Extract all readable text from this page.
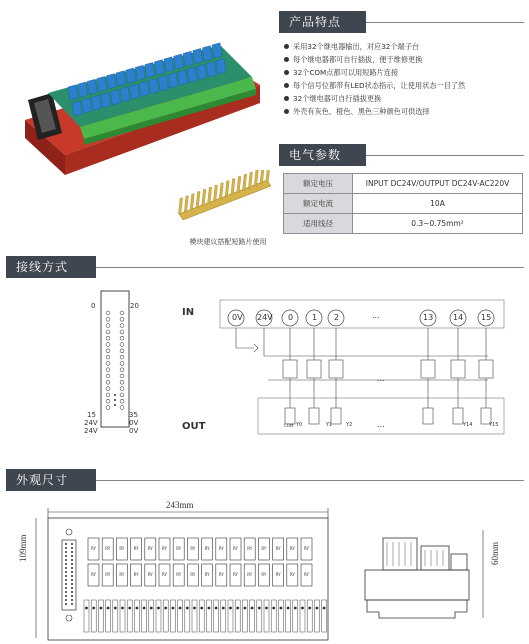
模块建议搭配短路片使用
产品特点
采用32个继电器输出，对应32个端子台
每个继电器都可自行插拔，便于维修更换
32个COM点都可以用短路片连接
每个信号位都带有LED状态指示，让使用状态一目了然
32个继电器可自行插拔更换
外壳有灰色、橙色、黑色三种颜色可供选择
电气参数
额定电压	INPUT DC24V/OUTPUT DC24V-AC220V
额定电流	10A
适用线径	0.3~0.75mm²
接线方式
0	20
15
24V
24V
35
0V
0V
IN
OUT
0V 24V 0 1 2	...	13 14 15
...
...
COM Y0	Y1	Y2	Y14	Y15
外观尺寸
243mm
109mm	60mm
RY RY RY RY RY RY RY RY RY RY RY RY RY RY RY RY
RY RY RY RY RY RY RY RY RY RY RY RY RY RY RY RY
